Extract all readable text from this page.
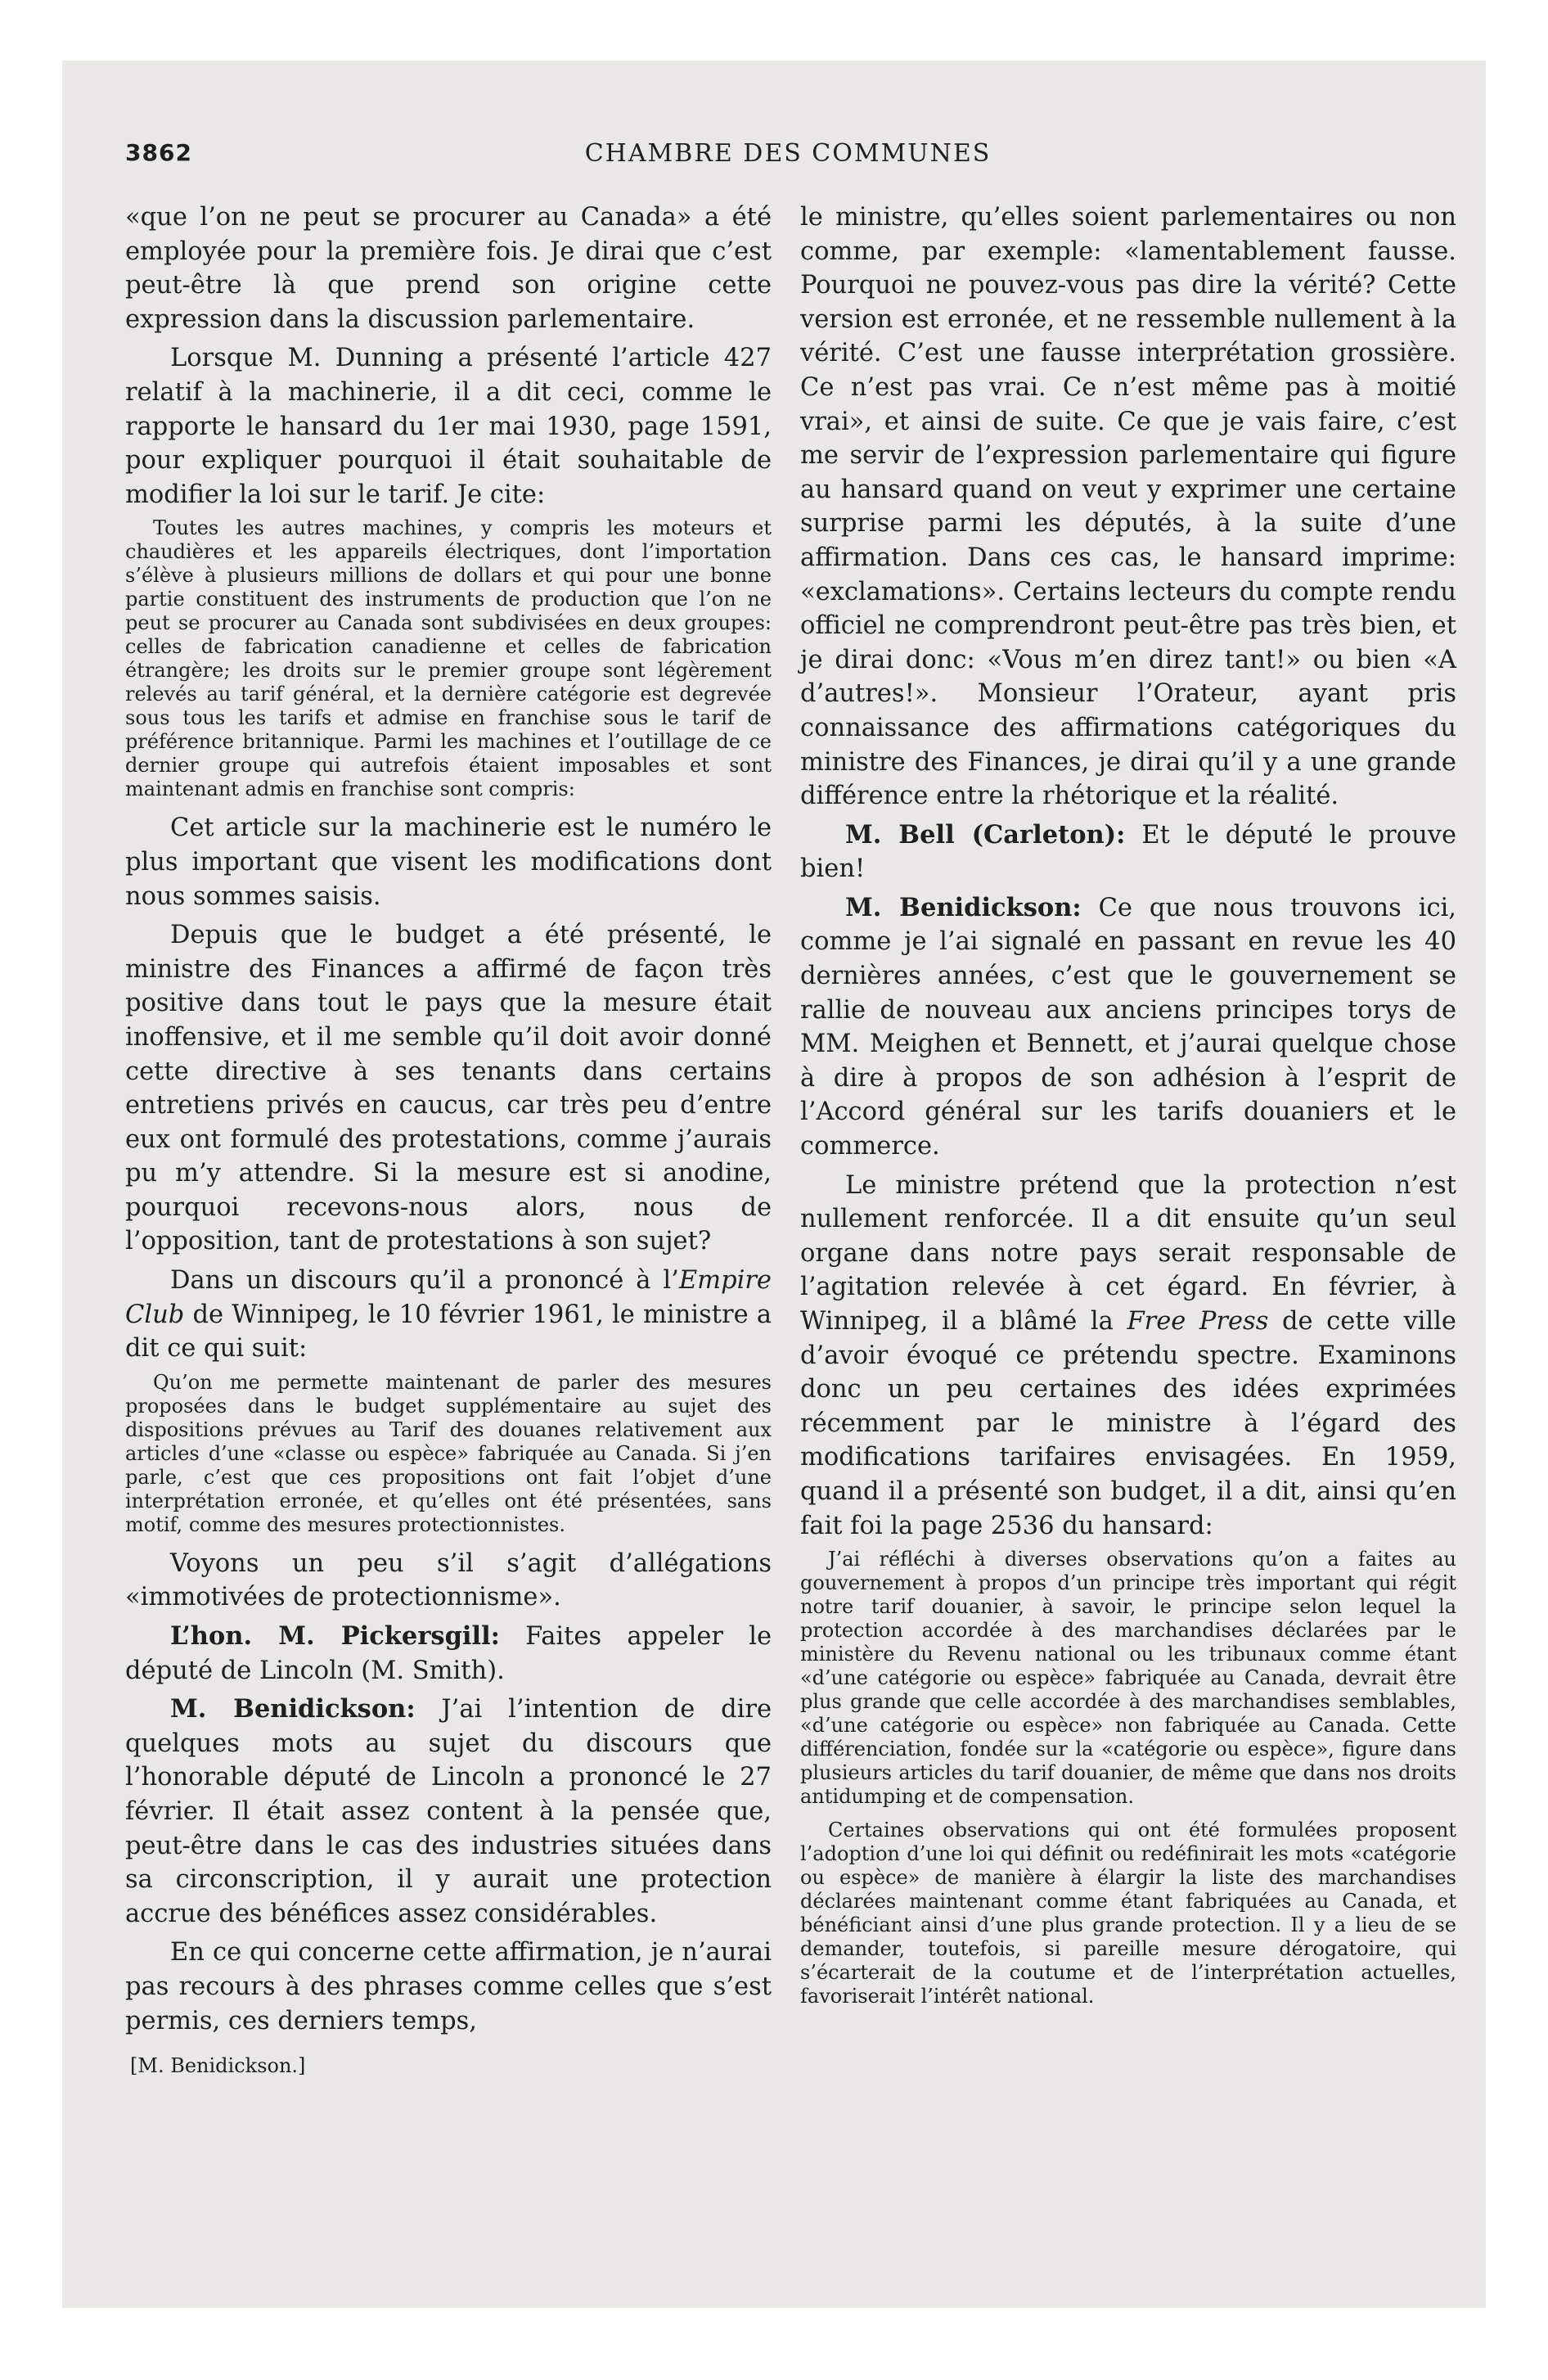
3862	CHAMBRE DES COMMUNES

«que l’on ne peut se procurer au Canada» a été employée pour la première fois. Je dirai que c’est peut-être là que prend son origine cette expression dans la discussion parlementaire.

Lorsque M. Dunning a présenté l’article 427 relatif à la machinerie, il a dit ceci, comme le rapporte le hansard du 1er mai 1930, page 1591, pour expliquer pourquoi il était souhaitable de modifier la loi sur le tarif. Je cite:

Toutes les autres machines, y compris les moteurs et chaudières et les appareils électriques, dont l’importation s’élève à plusieurs millions de dollars et qui pour une bonne partie constituent des instruments de production que l’on ne peut se procurer au Canada sont subdivisées en deux groupes: celles de fabrication canadienne et celles de fabrication étrangère; les droits sur le premier groupe sont légèrement relevés au tarif général, et la dernière catégorie est degrevée sous tous les tarifs et admise en franchise sous le tarif de préférence britannique. Parmi les machines et l’outillage de ce dernier groupe qui autrefois étaient imposables et sont maintenant admis en franchise sont compris:

Cet article sur la machinerie est le numéro le plus important que visent les modifications dont nous sommes saisis.

Depuis que le budget a été présenté, le ministre des Finances a affirmé de façon très positive dans tout le pays que la mesure était inoffensive, et il me semble qu’il doit avoir donné cette directive à ses tenants dans certains entretiens privés en caucus, car très peu d’entre eux ont formulé des protestations, comme j’aurais pu m’y attendre. Si la mesure est si anodine, pourquoi recevons-nous alors, nous de l’opposition, tant de protestations à son sujet?

Dans un discours qu’il a prononcé à l’Empire Club de Winnipeg, le 10 février 1961, le ministre a dit ce qui suit:

Qu’on me permette maintenant de parler des mesures proposées dans le budget supplémentaire au sujet des dispositions prévues au Tarif des douanes relativement aux articles d’une «classe ou espèce» fabriquée au Canada. Si j’en parle, c’est que ces propositions ont fait l’objet d’une interprétation erronée, et qu’elles ont été présentées, sans motif, comme des mesures protectionnistes.

Voyons un peu s’il s’agit d’allégations «immotivées de protectionnisme».

L’hon. M. Pickersgill: Faites appeler le député de Lincoln (M. Smith).

M. Benidickson: J’ai l’intention de dire quelques mots au sujet du discours que l’honorable député de Lincoln a prononcé le 27 février. Il était assez content à la pensée que, peut-être dans le cas des industries situées dans sa circonscription, il y aurait une protection accrue des bénéfices assez considérables.

En ce qui concerne cette affirmation, je n’aurai pas recours à des phrases comme celles que s’est permis, ces derniers temps,

[M. Benidickson.]

le ministre, qu’elles soient parlementaires ou non comme, par exemple: «lamentablement fausse. Pourquoi ne pouvez-vous pas dire la vérité? Cette version est erronée, et ne ressemble nullement à la vérité. C’est une fausse interprétation grossière. Ce n’est pas vrai. Ce n’est même pas à moitié vrai», et ainsi de suite. Ce que je vais faire, c’est me servir de l’expression parlementaire qui figure au hansard quand on veut y exprimer une certaine surprise parmi les députés, à la suite d’une affirmation. Dans ces cas, le hansard imprime: «exclamations». Certains lecteurs du compte rendu officiel ne comprendront peut-être pas très bien, et je dirai donc: «Vous m’en direz tant!» ou bien «A d’autres!». Monsieur l’Orateur, ayant pris connaissance des affirmations catégoriques du ministre des Finances, je dirai qu’il y a une grande différence entre la rhétorique et la réalité.

M. Bell (Carleton): Et le député le prouve bien!

M. Benidickson: Ce que nous trouvons ici, comme je l’ai signalé en passant en revue les 40 dernières années, c’est que le gouvernement se rallie de nouveau aux anciens principes torys de MM. Meighen et Bennett, et j’aurai quelque chose à dire à propos de son adhésion à l’esprit de l’Accord général sur les tarifs douaniers et le commerce.

Le ministre prétend que la protection n’est nullement renforcée. Il a dit ensuite qu’un seul organe dans notre pays serait responsable de l’agitation relevée à cet égard. En février, à Winnipeg, il a blâmé la Free Press de cette ville d’avoir évoqué ce prétendu spectre. Examinons donc un peu certaines des idées exprimées récemment par le ministre à l’égard des modifications tarifaires envisagées. En 1959, quand il a présenté son budget, il a dit, ainsi qu’en fait foi la page 2536 du hansard:

J’ai réfléchi à diverses observations qu’on a faites au gouvernement à propos d’un principe très important qui régit notre tarif douanier, à savoir, le principe selon lequel la protection accordée à des marchandises déclarées par le ministère du Revenu national ou les tribunaux comme étant «d’une catégorie ou espèce» fabriquée au Canada, devrait être plus grande que celle accordée à des marchandises semblables, «d’une catégorie ou espèce» non fabriquée au Canada. Cette différenciation, fondée sur la «catégorie ou espèce», figure dans plusieurs articles du tarif douanier, de même que dans nos droits antidumping et de compensation.

Certaines observations qui ont été formulées proposent l’adoption d’une loi qui définit ou redéfinirait les mots «catégorie ou espèce» de manière à élargir la liste des marchandises déclarées maintenant comme étant fabriquées au Canada, et bénéficiant ainsi d’une plus grande protection. Il y a lieu de se demander, toutefois, si pareille mesure dérogatoire, qui s’écarterait de la coutume et de l’interprétation actuelles, favoriserait l’intérêt national.
